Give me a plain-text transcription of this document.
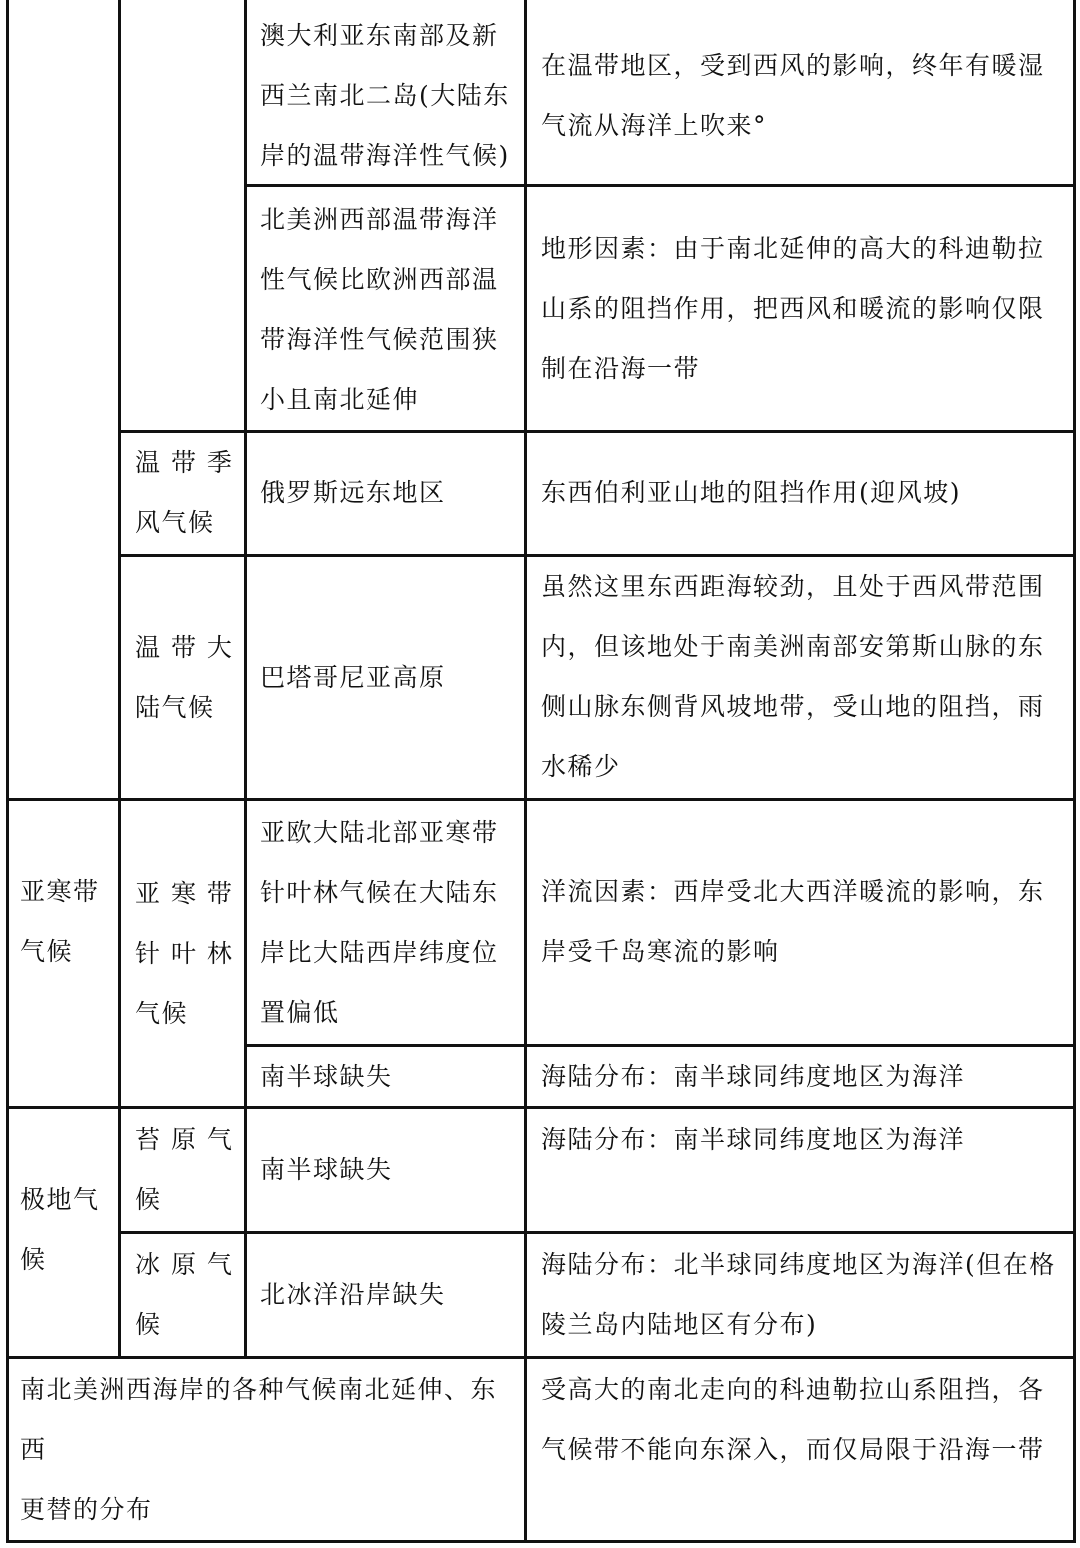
澳大利亚东南部及新
西兰南北二岛(大陆东
岸的温带海洋性气候)
在温带地区，受到西风的影响，终年有暖湿
气流从海洋上吹来°
北美洲西部温带海洋
性气候比欧洲西部温
带海洋性气候范围狭
小且南北延伸
地形因素：由于南北延伸的高大的科迪勒拉
山系的阻挡作用，把西风和暖流的影响仅限
制在沿海一带
温 带 季
风气候
俄罗斯远东地区	东西伯利亚山地的阻挡作用(迎风坡)
温 带 大
陆气候
巴塔哥尼亚高原
虽然这里东西距海较劲，且处于西风带范围
内，但该地处于南美洲南部安第斯山脉的东
侧山脉东侧背风坡地带，受山地的阻挡，雨
水稀少
亚寒带
气候
亚 寒 带
针 叶 林
气候
亚欧大陆北部亚寒带
针叶林气候在大陆东
岸比大陆西岸纬度位
置偏低
洋流因素：西岸受北大西洋暖流的影响，东
岸受千岛寒流的影响
南半球缺失	海陆分布：南半球同纬度地区为海洋
极地气
候
苔 原 气
候
南半球缺失
海陆分布：南半球同纬度地区为海洋
冰 原 气
候
北冰洋沿岸缺失
海陆分布：北半球同纬度地区为海洋(但在格
陵兰岛内陆地区有分布)
南北美洲西海岸的各种气候南北延伸、东
西
更替的分布
受高大的南北走向的科迪勒拉山系阻挡，各
气候带不能向东深入，而仅局限于沿海一带
